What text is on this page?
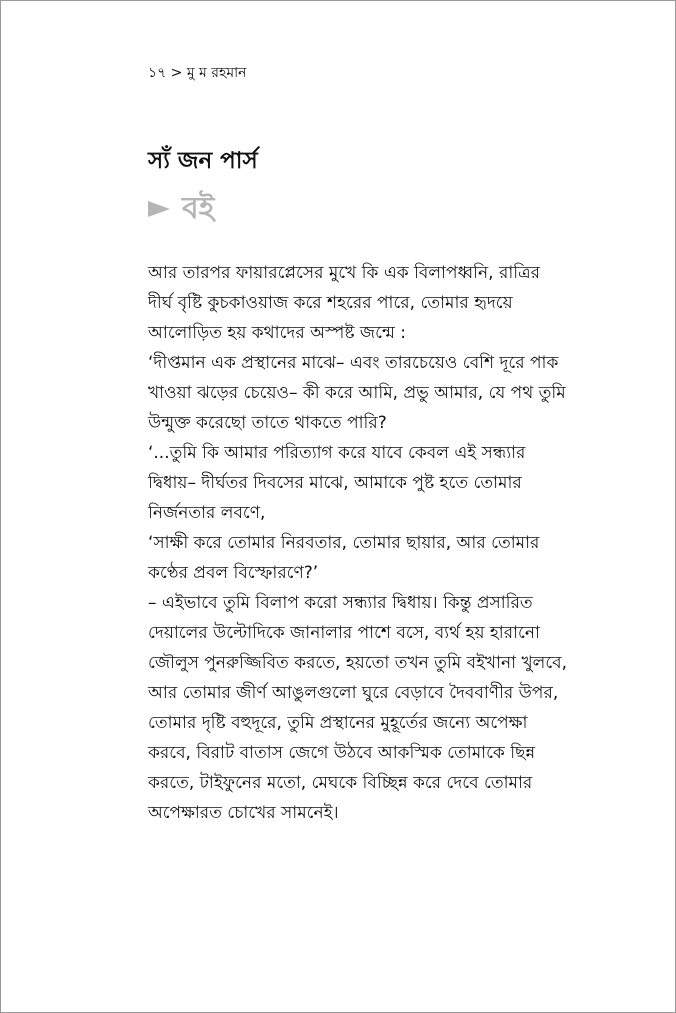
১৭ > মু ম রহমান
স্যঁ জন পার্স
বই

আর তারপর ফায়ারপ্লেসের মুখে কি এক বিলাপধ্বনি, রাত্রির

দীর্ঘ বৃষ্টি কুচকাওয়াজ করে শহরের পারে, তোমার হৃদয়ে

আলোড়িত হয় কথাদের অস্পষ্ট জন্মে :

‘দীপ্তমান এক প্রস্থানের মাঝে– এবং তারচেয়েও বেশি দূরে পাক

খাওয়া ঝড়ের চেয়েও– কী করে আমি, প্রভু আমার, যে পথ তুমি

উন্মুক্ত করেছো তাতে থাকতে পারি?

‘...তুমি কি আমার পরিত্যাগ করে যাবে কেবল এই সন্ধ্যার

দ্বিধায়– দীর্ঘতর দিবসের মাঝে, আমাকে পুষ্ট হতে তোমার

নির্জনতার লবণে,

‘সাক্ষী করে তোমার নিরবতার, তোমার ছায়ার, আর তোমার

কণ্ঠের প্রবল বিস্ফোরণে?’

– এইভাবে তুমি বিলাপ করো সন্ধ্যার দ্বিধায়। কিন্তু প্রসারিত

দেয়ালের উল্টোদিকে জানালার পাশে বসে, ব্যর্থ হয় হারানো

জৌলুস পুনরুজ্জিবিত করতে, হয়তো তখন তুমি বইখানা খুলবে,

আর তোমার জীর্ণ আঙুলগুলো ঘুরে বেড়াবে দৈববাণীর উপর,

তোমার দৃষ্টি বহুদূরে, তুমি প্রস্থানের মুহূর্তের জন্যে অপেক্ষা

করবে, বিরাট বাতাস জেগে উঠবে আকস্মিক তোমাকে ছিন্ন

করতে, টাইফুনের মতো, মেঘকে বিচ্ছিন্ন করে দেবে তোমার

অপেক্ষারত চোখের সামনেই।
